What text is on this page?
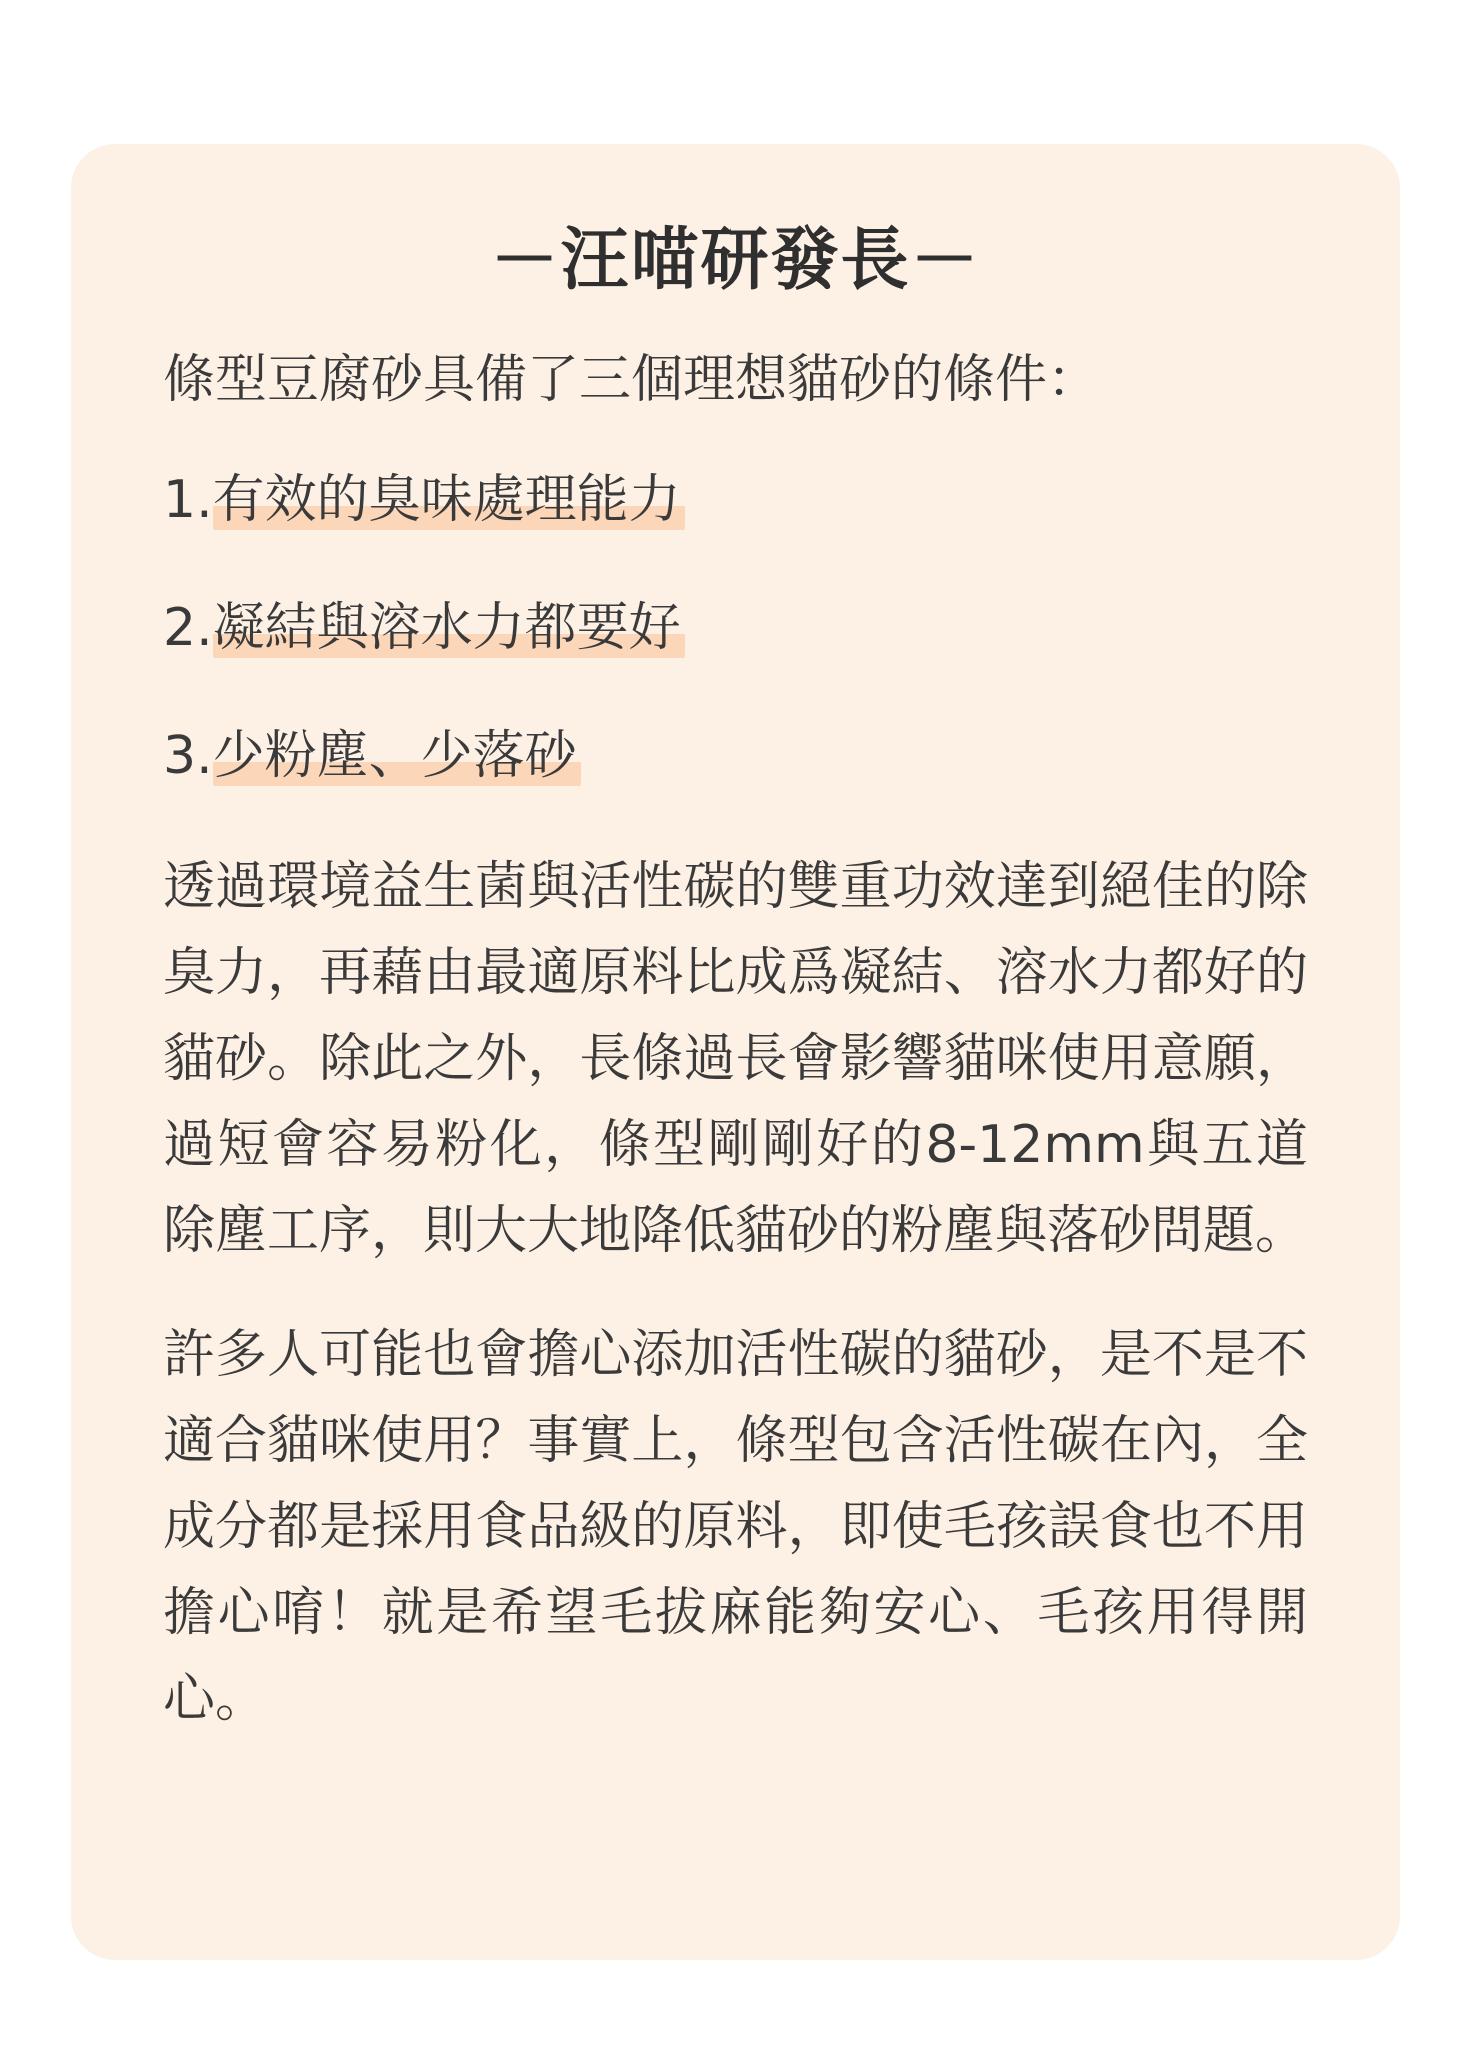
－汪喵研發長－

條型豆腐砂具備了三個理想貓砂的條件：

1.有效的臭味處理能力
2.凝結與溶水力都要好
3.少粉塵、少落砂

透過環境益生菌與活性碳的雙重功效達到絕佳的除臭力，再藉由最適原料比成爲凝結、溶水力都好的貓砂。除此之外，長條過長會影響貓咪使用意願，過短會容易粉化，條型剛剛好的8-12mm與五道除塵工序，則大大地降低貓砂的粉塵與落砂問題。

許多人可能也會擔心添加活性碳的貓砂，是不是不適合貓咪使用？事實上，條型包含活性碳在內，全成分都是採用食品級的原料，即使毛孩誤食也不用擔心唷！就是希望毛拔麻能夠安心、毛孩用得開心。
